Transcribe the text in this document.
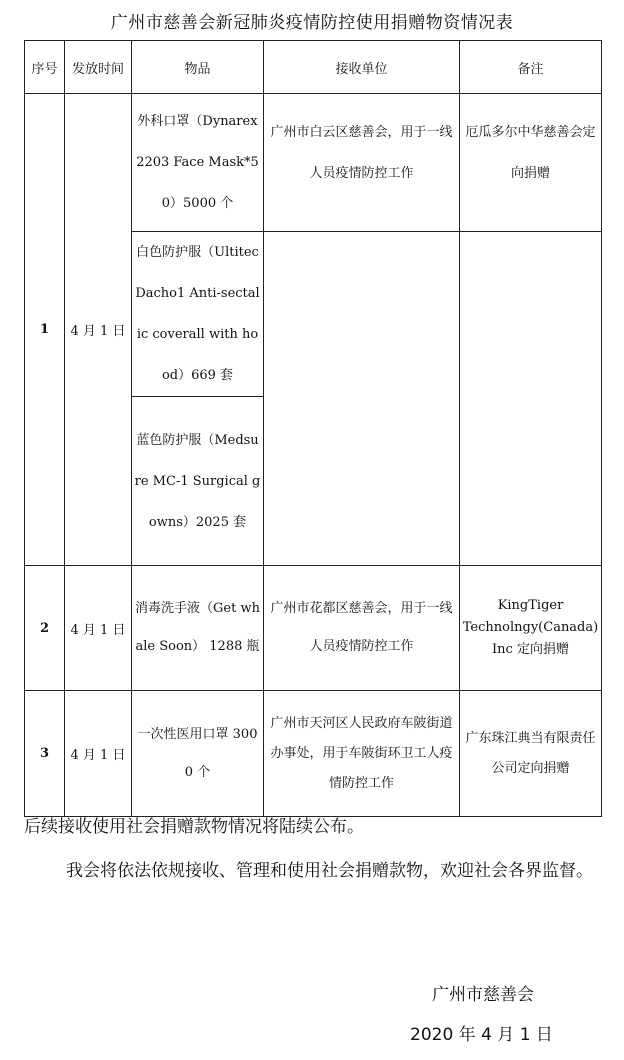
广州市慈善会新冠肺炎疫情防控使用捐赠物资情况表
序号	发放时间	物品	接收单位	备注
1	4 月 1 日	外科口罩（Dynarex2203 Face Mask*50）5000 个	广州市白云区慈善会，用于一线人员疫情防控工作	厄瓜多尔中华慈善会定向捐赠

		白色防护服（Ultitec Dacho1 Anti-sectalic coverall with hood）669 套		

		蓝色防护服（Medsure MC-1 Surgical gowns）2025 套		

2	4 月 1 日	消毒洗手液（Get whale Soon） 1288 瓶	广州市花都区慈善会，用于一线人员疫情防控工作	KingTiger Technolngy(Canada) Inc 定向捐赠

3	4 月 1 日	一次性医用口罩 3000 个	广州市天河区人民政府车陂街道办事处，用于车陂街环卫工人疫情防控工作	广东珠江典当有限责任公司定向捐赠
后续接收使用社会捐赠款物情况将陆续公布。
我会将依法依规接收、管理和使用社会捐赠款物，欢迎社会各界监督。
广州市慈善会
2020 年 4 月 1 日
